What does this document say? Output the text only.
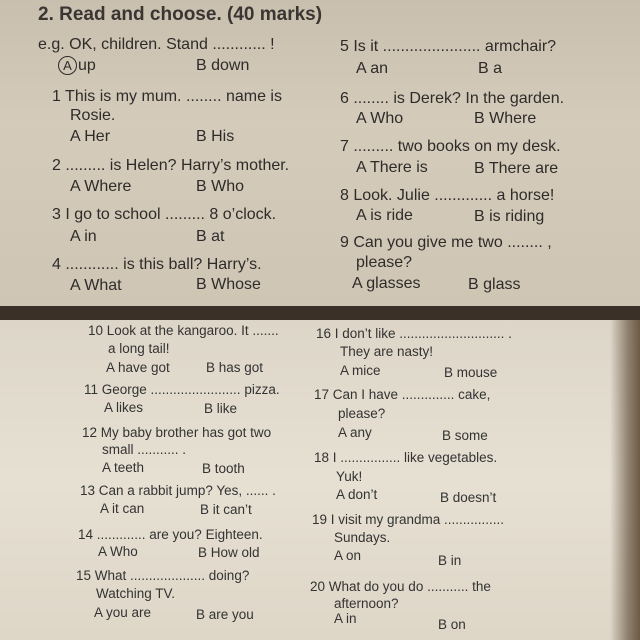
2. Read and choose. (40 marks)
e.g. OK, children. Stand ............ !
A up	B down
1 This is my mum. ........ name is
Rosie.
A Her	B His
2 ......... is Helen? Harry’s mother.
A Where	B Who
3 I go to school ......... 8 o’clock.
A in	B at
4 ............ is this ball? Harry’s.
A What	B Whose
5 Is it ...................... armchair?
A an	B a
6 ........ is Derek? In the garden.
A Who	B Where
7 ......... two books on my desk.
A There is	B There are
8 Look. Julie ............. a horse!
A is ride	B is riding
9 Can you give me two ........ ,
please?
A glasses	B glass
10 Look at the kangaroo. It .......
a long tail!
A have got	B has got
11 George ........................ pizza.
A likes	B like
12 My baby brother has got two
small ........... .
A teeth	B tooth
13 Can a rabbit jump? Yes, ...... .
A it can	B it can’t
14 ............. are you? Eighteen.
A Who	B How old
15 What .................... doing?
Watching TV.
A you are	B are you
16 I don’t like ............................ .
They are nasty!
A mice	B mouse
17 Can I have .............. cake,
please?
A any	B some
18 I ................ like vegetables.
Yuk!
A don’t	B doesn’t
19 I visit my grandma ................
Sundays.
A on	B in
20 What do you do ........... the
afternoon?
A in	B on
